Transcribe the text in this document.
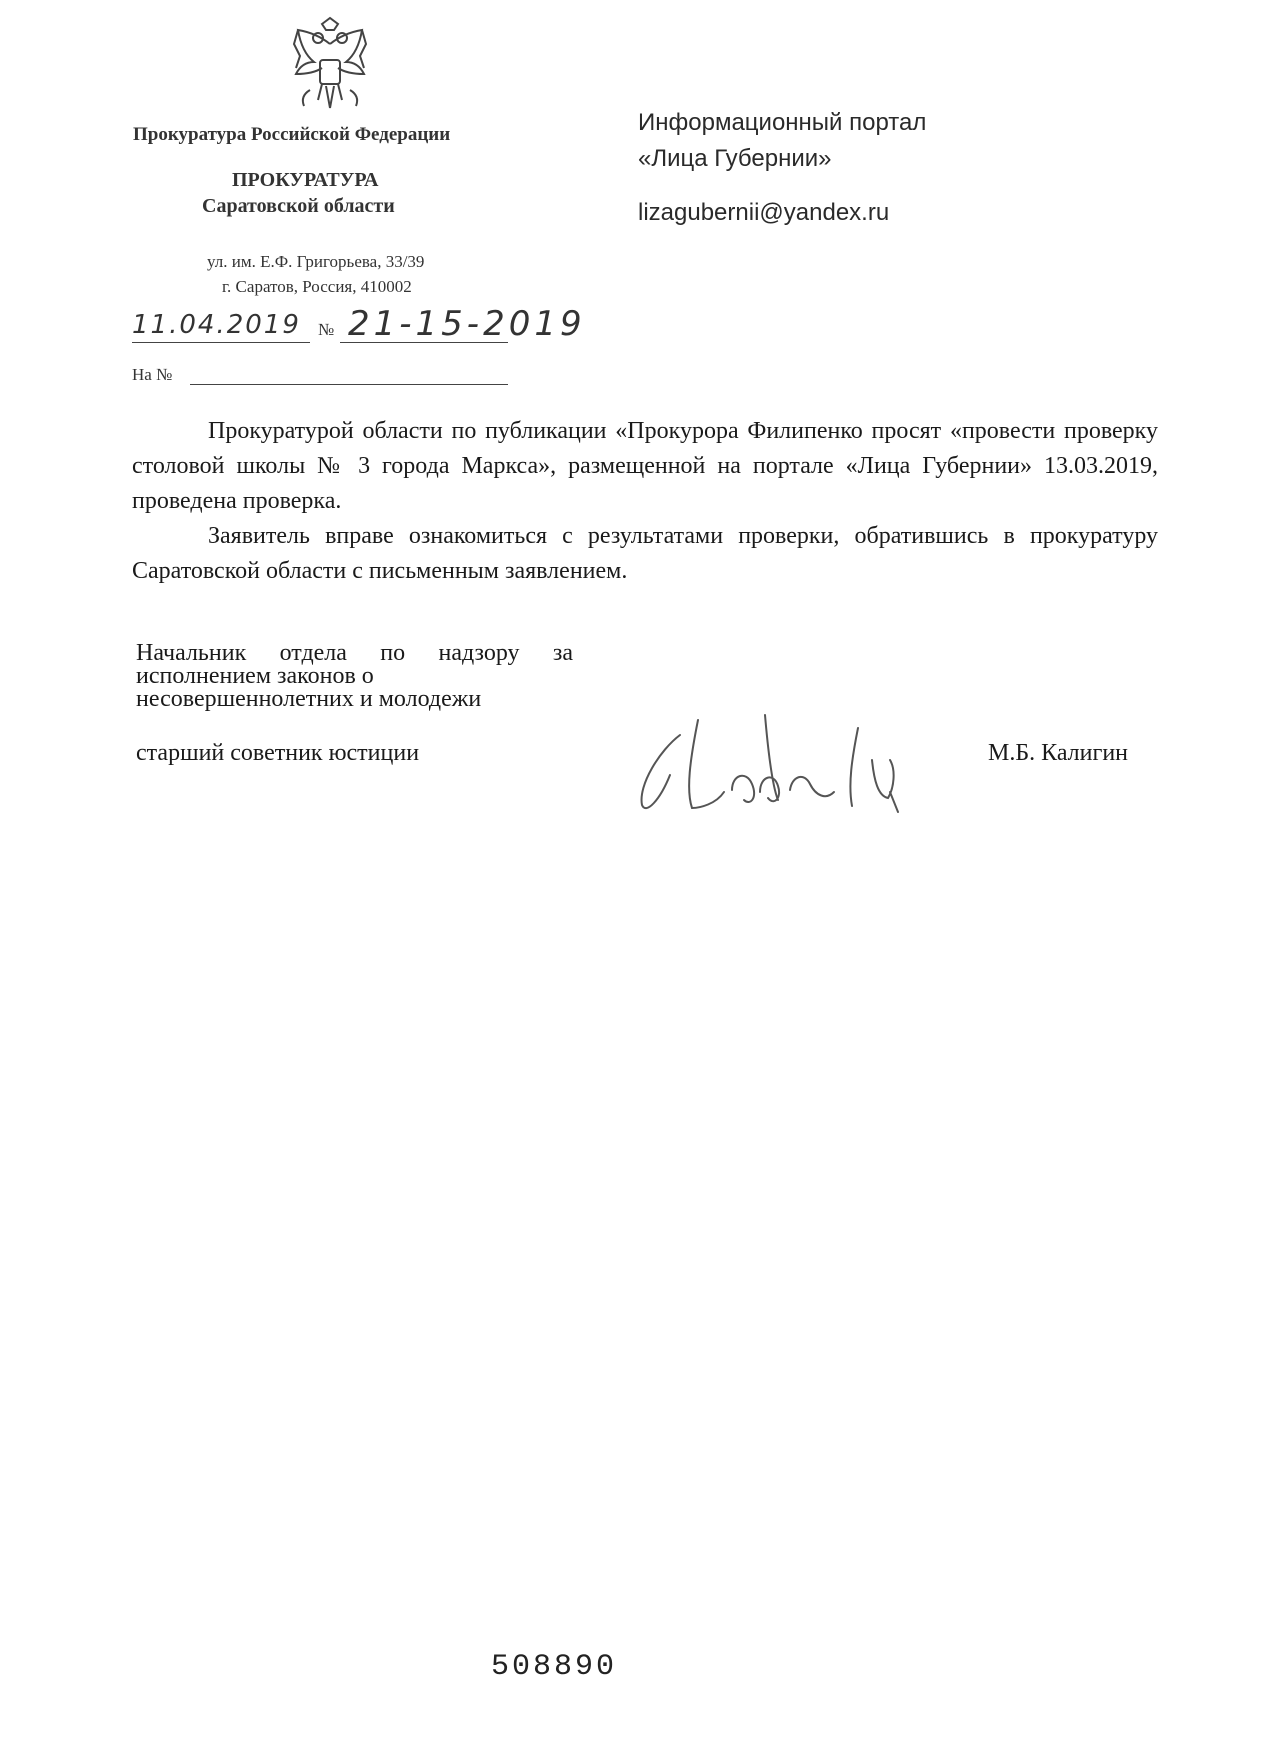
Прокуратура Российской Федерации
ПРОКУРАТУРА
Саратовской области
ул. им. Е.Ф. Григорьева, 33/39
г. Саратов, Россия, 410002
11.04.2019 № 21-15-2019
На №
Информационный портал
«Лица Губернии»
lizagubernii@yandex.ru
Прокуратурой области по публикации «Прокурора Филипенко просят «провести проверку столовой школы № 3 города Маркса», размещенной на портале «Лица Губернии» 13.03.2019, проведена проверка.
Заявитель вправе ознакомиться с результатами проверки, обратившись в прокуратуру Саратовской области с письменным заявлением.
Начальник отдела по надзору за
исполнением законов о
несовершеннолетних и молодежи
старший советник юстиции	М.Б. Калигин
508890
